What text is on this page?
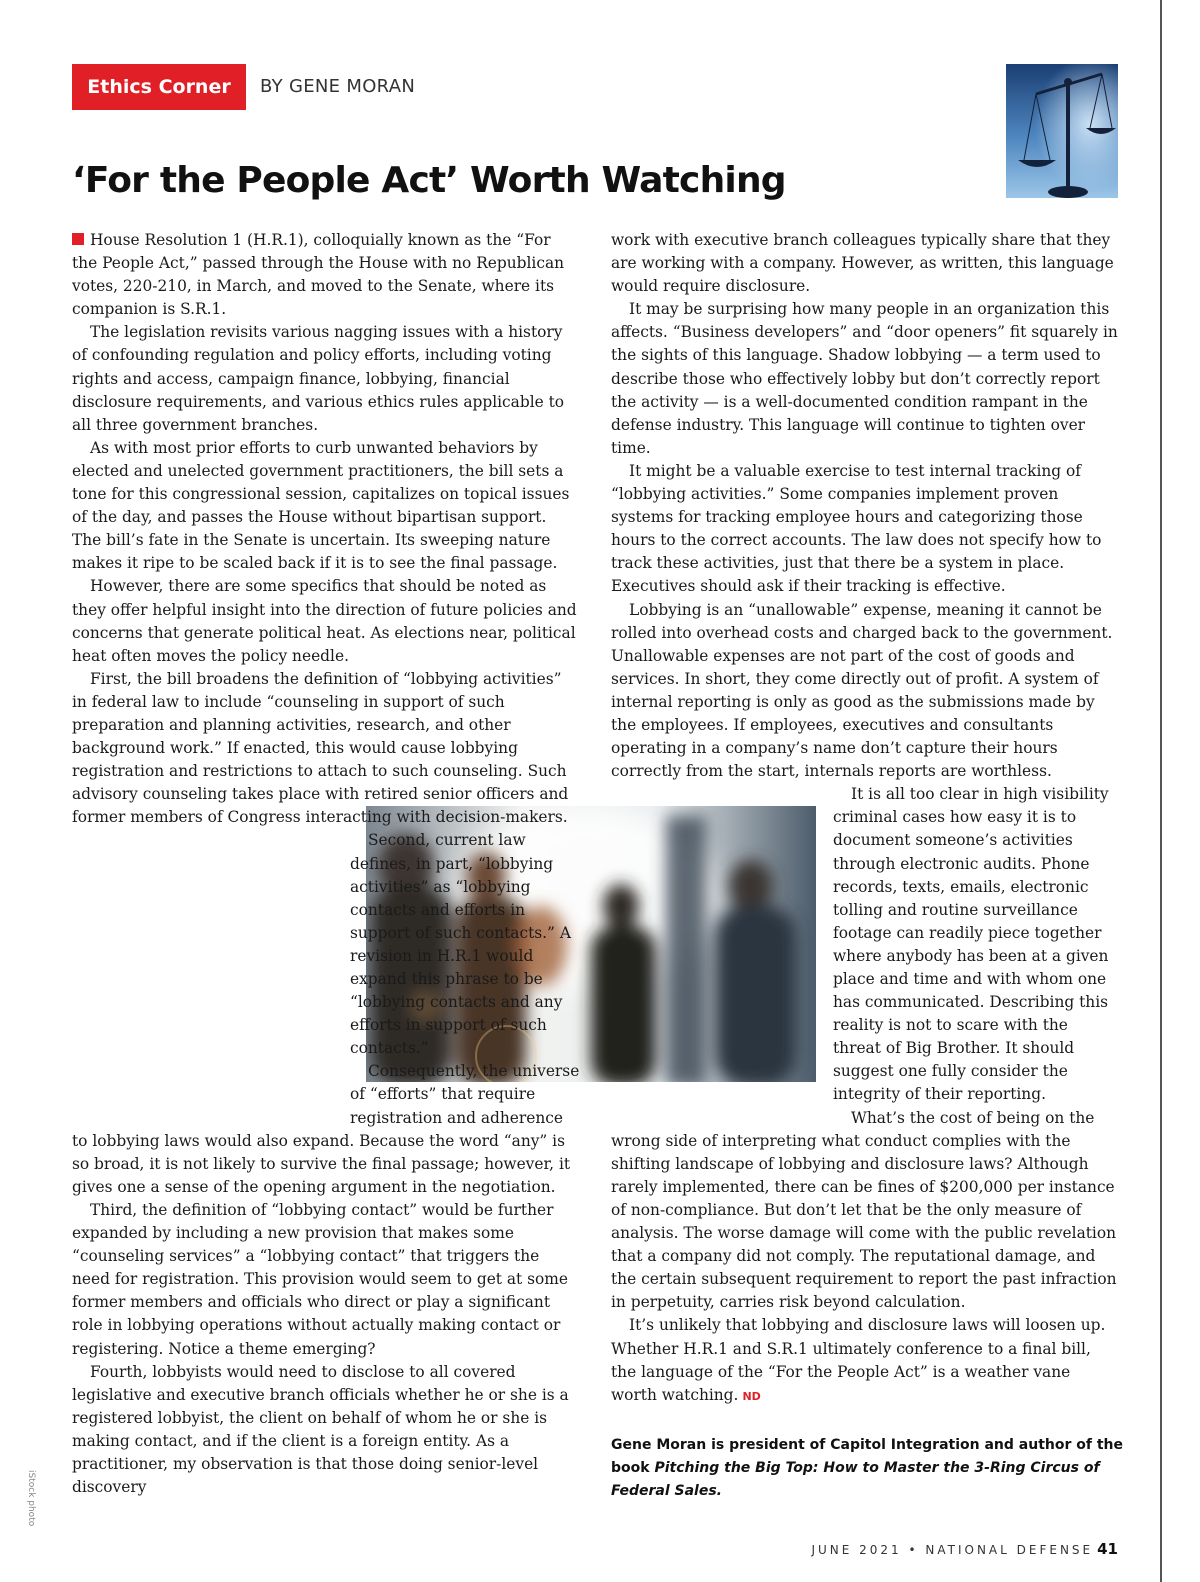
Ethics Corner	BY GENE MORAN
‘For the People Act’ Worth Watching

House Resolution 1 (H.R.1), colloquially known as the “For the People Act,” passed through the House with no Republican votes, 220-210, in March, and moved to the Senate, where its companion is S.R.1.

The legislation revisits various nagging issues with a history of confounding regulation and policy efforts, including voting rights and access, campaign finance, lobbying, financial disclosure requirements, and various ethics rules applicable to all three government branches.

As with most prior efforts to curb unwanted behaviors by elected and unelected government practitioners, the bill sets a tone for this congressional session, capitalizes on topical issues of the day, and passes the House without bipartisan support. The bill’s fate in the Senate is uncertain. Its sweeping nature makes it ripe to be scaled back if it is to see the final passage.

However, there are some specifics that should be noted as they offer helpful insight into the direction of future policies and concerns that generate political heat. As elections near, political heat often moves the policy needle.

First, the bill broadens the definition of “lobbying activities” in federal law to include “counseling in support of such preparation and planning activities, research, and other background work.” If enacted, this would cause lobbying registration and restrictions to attach to such counseling. Such advisory counseling takes place with retired senior officers and former members of Congress interacting with decision-makers.

Second, current law defines, in part, “lobbying activities” as “lobbying contacts and efforts in support of such contacts.” A revision in H.R.1 would expand this phrase to be “lobbying contacts and any efforts in support of such contacts.”

Consequently, the universe of “efforts” that require registration and adherence to lobbying laws would also expand. Because the word “any” is so broad, it is not likely to survive the final passage; however, it gives one a sense of the opening argument in the negotiation.

Third, the definition of “lobbying contact” would be further expanded by including a new provision that makes some “counseling services” a “lobbying contact” that triggers the need for registration. This provision would seem to get at some former members and officials who direct or play a significant role in lobbying operations without actually making contact or registering. Notice a theme emerging?

Fourth, lobbyists would need to disclose to all covered legislative and executive branch officials whether he or she is a registered lobbyist, the client on behalf of whom he or she is making contact, and if the client is a foreign entity. As a practitioner, my observation is that those doing senior-level discovery

work with executive branch colleagues typically share that they are working with a company. However, as written, this language would require disclosure.

It may be surprising how many people in an organization this affects. “Business developers” and “door openers” fit squarely in the sights of this language. Shadow lobbying — a term used to describe those who effectively lobby but don’t correctly report the activity — is a well-documented condition rampant in the defense industry. This language will continue to tighten over time.

It might be a valuable exercise to test internal tracking of “lobbying activities.” Some companies implement proven systems for tracking employee hours and categorizing those hours to the correct accounts. The law does not specify how to track these activities, just that there be a system in place. Executives should ask if their tracking is effective.

Lobbying is an “unallowable” expense, meaning it cannot be rolled into overhead costs and charged back to the government. Unallowable expenses are not part of the cost of goods and services. In short, they come directly out of profit. A system of internal reporting is only as good as the submissions made by the employees. If employees, executives and consultants operating in a company’s name don’t capture their hours correctly from the start, internals reports are worthless.

It is all too clear in high visibility criminal cases how easy it is to document someone’s activities through electronic audits. Phone records, texts, emails, electronic tolling and routine surveillance footage can readily piece together where anybody has been at a given place and time and with whom one has communicated. Describing this reality is not to scare with the threat of Big Brother. It should suggest one fully consider the integrity of their reporting.

What’s the cost of being on the wrong side of interpreting what conduct complies with the shifting landscape of lobbying and disclosure laws? Although rarely implemented, there can be fines of $200,000 per instance of non-compliance. But don’t let that be the only measure of analysis. The worse damage will come with the public revelation that a company did not comply. The reputational damage, and the certain subsequent requirement to report the past infraction in perpetuity, carries risk beyond calculation.

It’s unlikely that lobbying and disclosure laws will loosen up. Whether H.R.1 and S.R.1 ultimately conference to a final bill, the language of the “For the People Act” is a weather vane worth watching. ND

Gene Moran is president of Capitol Integration and author of the book Pitching the Big Top: How to Master the 3-Ring Circus of Federal Sales.
iStock photo
JUNE 2021 • NATIONAL DEFENSE 41
